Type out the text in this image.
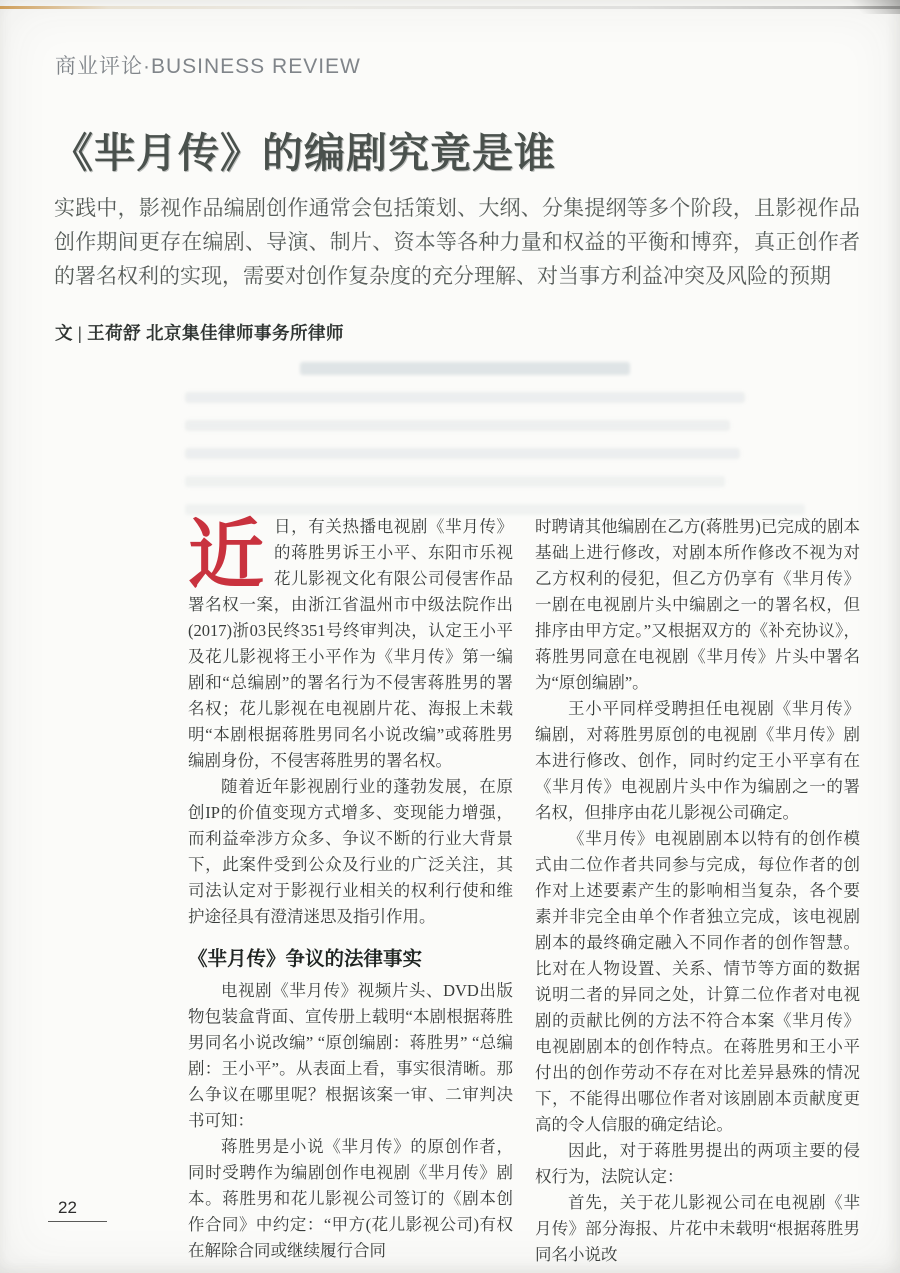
商业评论·BUSINESS REVIEW
《芈月传》的编剧究竟是谁

实践中，影视作品编剧创作通常会包括策划、大纲、分集提纲等多个阶段，且影视作品创作期间更存在编剧、导演、制片、资本等各种力量和权益的平衡和博弈，真正创作者的署名权利的实现，需要对创作复杂度的充分理解、对当事方利益冲突及风险的预期

文 | 王荷舒 北京集佳律师事务所律师

近日，有关热播电视剧《芈月传》的蒋胜男诉王小平、东阳市乐视花儿影视文化有限公司侵害作品署名权一案，由浙江省温州市中级法院作出(2017)浙03民终351号终审判决，认定王小平及花儿影视将王小平作为《芈月传》第一编剧和“总编剧”的署名行为不侵害蒋胜男的署名权；花儿影视在电视剧片花、海报上未载明“本剧根据蒋胜男同名小说改编”或蒋胜男编剧身份，不侵害蒋胜男的署名权。

随着近年影视剧行业的蓬勃发展，在原创IP的价值变现方式增多、变现能力增强，而利益牵涉方众多、争议不断的行业大背景下，此案件受到公众及行业的广泛关注，其司法认定对于影视行业相关的权利行使和维护途径具有澄清迷思及指引作用。

《芈月传》争议的法律事实

电视剧《芈月传》视频片头、DVD出版物包装盒背面、宣传册上载明“本剧根据蒋胜男同名小说改编” “原创编剧：蒋胜男” “总编剧：王小平”。从表面上看，事实很清晰。那么争议在哪里呢？根据该案一审、二审判决书可知：

蒋胜男是小说《芈月传》的原创作者，同时受聘作为编剧创作电视剧《芈月传》剧本。蒋胜男和花儿影视公司签订的《剧本创作合同》中约定：“甲方(花儿影视公司)有权在解除合同或继续履行合同

时聘请其他编剧在乙方(蒋胜男)已完成的剧本基础上进行修改，对剧本所作修改不视为对乙方权利的侵犯，但乙方仍享有《芈月传》一剧在电视剧片头中编剧之一的署名权，但排序由甲方定。”又根据双方的《补充协议》，蒋胜男同意在电视剧《芈月传》片头中署名为“原创编剧”。

王小平同样受聘担任电视剧《芈月传》编剧，对蒋胜男原创的电视剧《芈月传》剧本进行修改、创作，同时约定王小平享有在《芈月传》电视剧片头中作为编剧之一的署名权，但排序由花儿影视公司确定。

《芈月传》电视剧剧本以特有的创作模式由二位作者共同参与完成，每位作者的创作对上述要素产生的影响相当复杂，各个要素并非完全由单个作者独立完成，该电视剧剧本的最终确定融入不同作者的创作智慧。比对在人物设置、关系、情节等方面的数据说明二者的异同之处，计算二位作者对电视剧的贡献比例的方法不符合本案《芈月传》电视剧剧本的创作特点。在蒋胜男和王小平付出的创作劳动不存在对比差异悬殊的情况下，不能得出哪位作者对该剧剧本贡献度更高的令人信服的确定结论。

因此，对于蒋胜男提出的两项主要的侵权行为，法院认定：

首先，关于花儿影视公司在电视剧《芈月传》部分海报、片花中未载明“根据蒋胜男同名小说改

22
